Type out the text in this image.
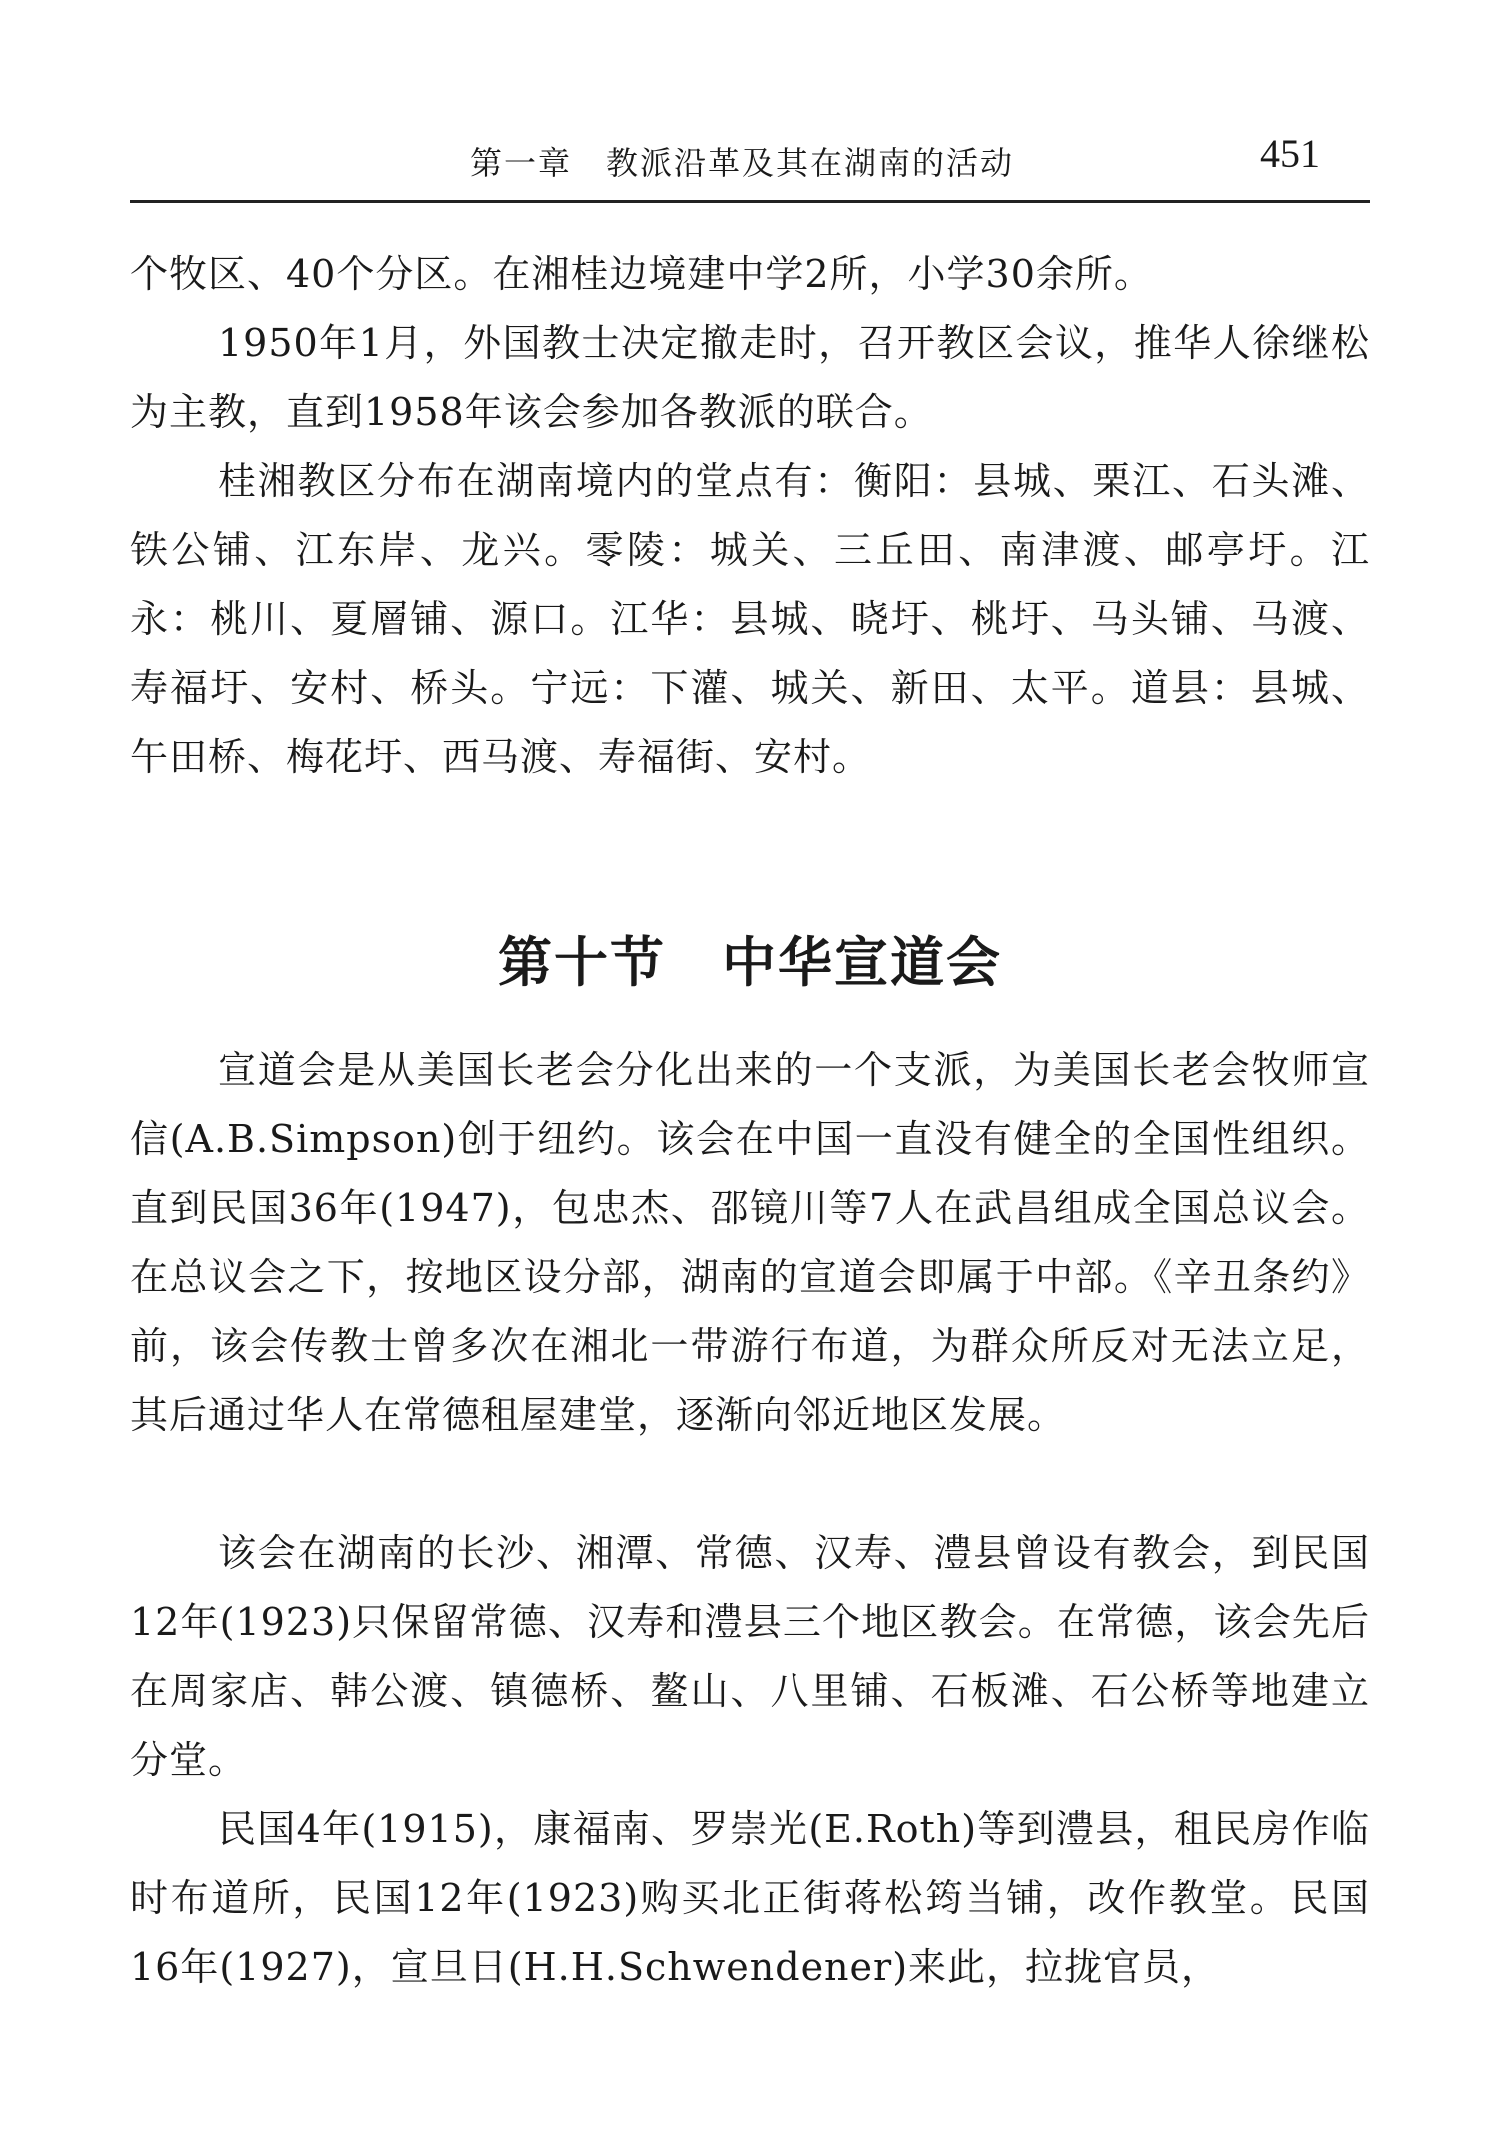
第一章　教派沿革及其在湖南的活动	451

个牧区、40个分区。在湘桂边境建中学2所，小学30余所。

1950年1月，外国教士决定撤走时，召开教区会议，推华人徐继松为主教，直到1958年该会参加各教派的联合。

桂湘教区分布在湖南境内的堂点有：衡阳：县城、栗江、石头滩、铁公铺、江东岸、龙兴。零陵：城关、三丘田、南津渡、邮亭圩。江永：桃川、夏層铺、源口。江华：县城、晓圩、桃圩、马头铺、马渡、寿福圩、安村、桥头。宁远：下灌、城关、新田、太平。道县：县城、午田桥、梅花圩、西马渡、寿福街、安村。

第十节　中华宣道会

宣道会是从美国长老会分化出来的一个支派，为美国长老会牧师宣信(A.B.Simpson)创于纽约。该会在中国一直没有健全的全国性组织。直到民国36年(1947)，包忠杰、邵镜川等7人在武昌组成全国总议会。在总议会之下，按地区设分部，湖南的宣道会即属于中部。《辛丑条约》前，该会传教士曾多次在湘北一带游行布道，为群众所反对无法立足，其后通过华人在常德租屋建堂，逐渐向邻近地区发展。

该会在湖南的长沙、湘潭、常德、汉寿、澧县曾设有教会，到民国12年(1923)只保留常德、汉寿和澧县三个地区教会。在常德，该会先后在周家店、韩公渡、镇德桥、鳌山、八里铺、石板滩、石公桥等地建立分堂。

民国4年(1915)，康福南、罗崇光(E.Roth)等到澧县，租民房作临时布道所，民国12年(1923)购买北正街蒋松筠当铺，改作教堂。民国16年(1927)，宣旦日(H.H.Schwendener)来此，拉拢官员，
